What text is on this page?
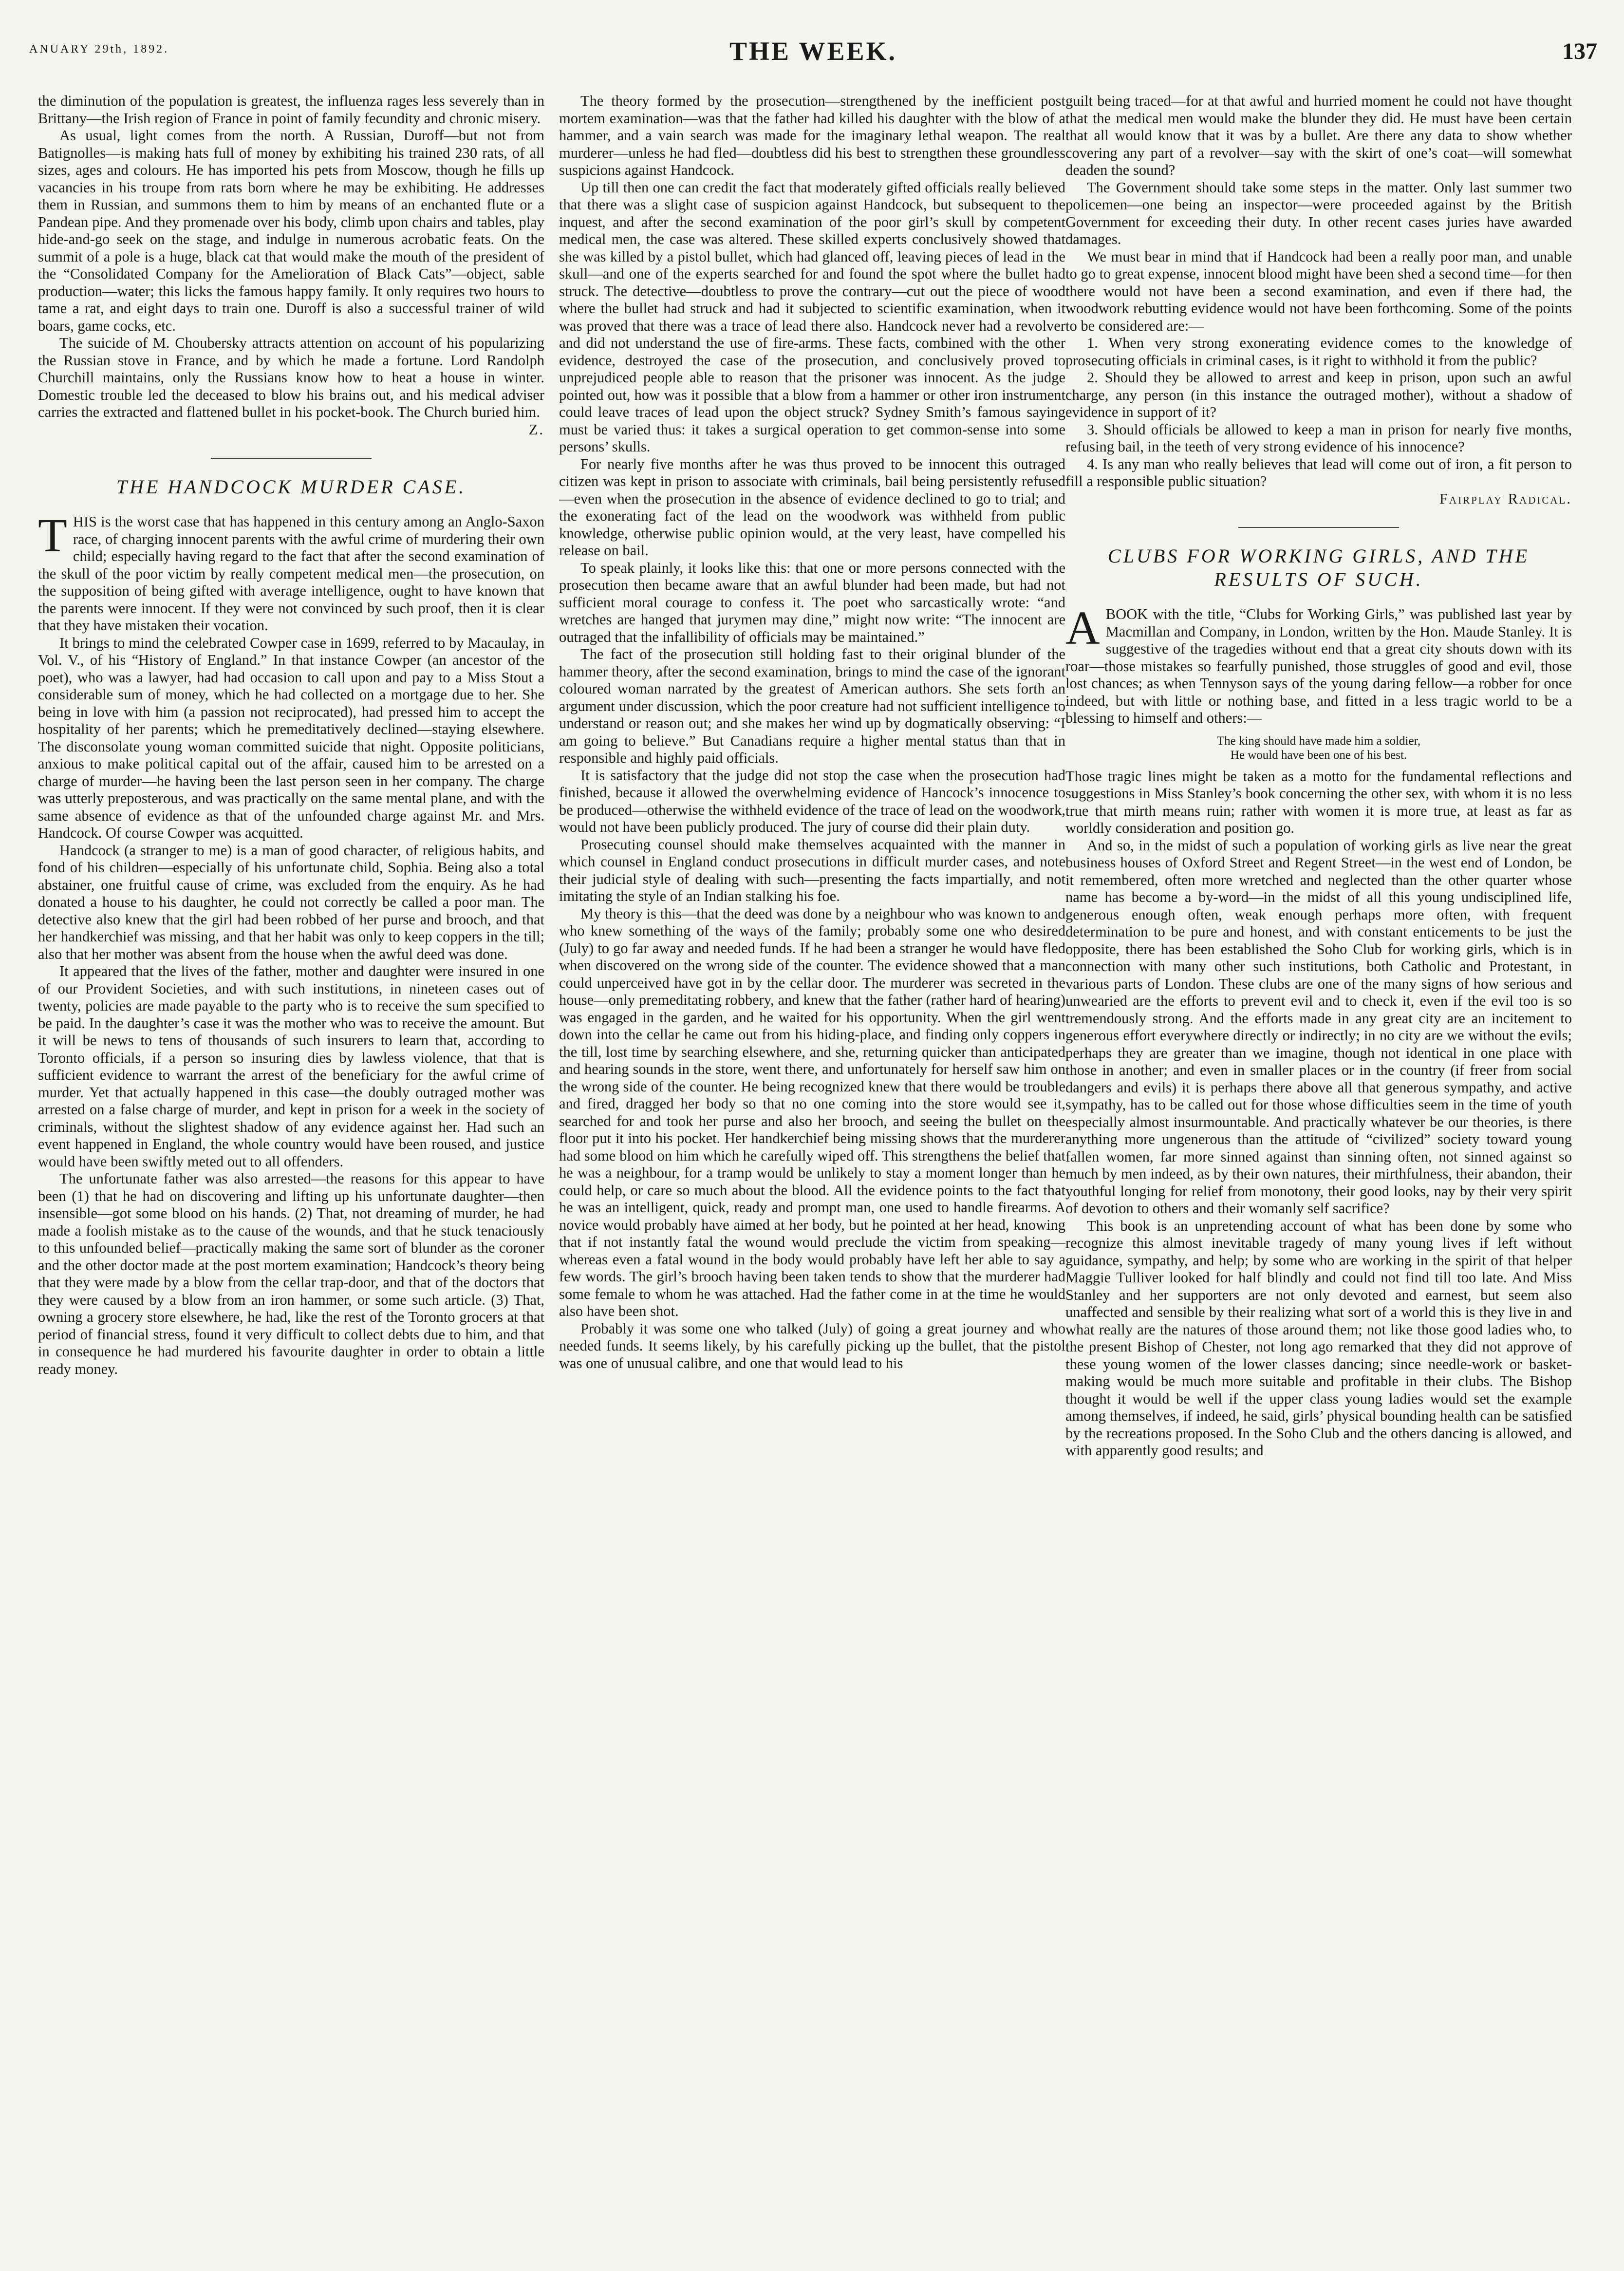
ANUARY 29th, 1892.	THE WEEK.	137

the diminution of the population is greatest, the influenza rages less severely than in Brittany—the Irish region of France in point of family fecundity and chronic misery.

As usual, light comes from the north. A Russian, Duroff—but not from Batignolles—is making hats full of money by exhibiting his trained 230 rats, of all sizes, ages and colours. He has imported his pets from Moscow, though he fills up vacancies in his troupe from rats born where he may be exhibiting. He addresses them in Russian, and summons them to him by means of an enchanted flute or a Pandean pipe. And they promenade over his body, climb upon chairs and tables, play hide-and-go seek on the stage, and indulge in numerous acrobatic feats. On the summit of a pole is a huge, black cat that would make the mouth of the president of the “Consolidated Company for the Amelioration of Black Cats”—object, sable production—water; this licks the famous happy family. It only requires two hours to tame a rat, and eight days to train one. Duroff is also a successful trainer of wild boars, game cocks, etc.

The suicide of M. Choubersky attracts attention on account of his popularizing the Russian stove in France, and by which he made a fortune. Lord Randolph Churchill maintains, only the Russians know how to heat a house in winter. Domestic trouble led the deceased to blow his brains out, and his medical adviser carries the extracted and flattened bullet in his pocket-book. The Church buried him.

Z.
THE HANDCOCK MURDER CASE.

THIS is the worst case that has happened in this century among an Anglo-Saxon race, of charging innocent parents with the awful crime of murdering their own child; especially having regard to the fact that after the second examination of the skull of the poor victim by really competent medical men—the prosecution, on the supposition of being gifted with average intelligence, ought to have known that the parents were innocent. If they were not convinced by such proof, then it is clear that they have mistaken their vocation.

It brings to mind the celebrated Cowper case in 1699, referred to by Macaulay, in Vol. V., of his “History of England.” In that instance Cowper (an ancestor of the poet), who was a lawyer, had had occasion to call upon and pay to a Miss Stout a considerable sum of money, which he had collected on a mortgage due to her. She being in love with him (a passion not reciprocated), had pressed him to accept the hospitality of her parents; which he premeditatively declined—staying elsewhere. The disconsolate young woman committed suicide that night. Opposite politicians, anxious to make political capital out of the affair, caused him to be arrested on a charge of murder—he having been the last person seen in her company. The charge was utterly preposterous, and was practically on the same mental plane, and with the same absence of evidence as that of the unfounded charge against Mr. and Mrs. Handcock. Of course Cowper was acquitted.

Handcock (a stranger to me) is a man of good character, of religious habits, and fond of his children—especially of his unfortunate child, Sophia. Being also a total abstainer, one fruitful cause of crime, was excluded from the enquiry. As he had donated a house to his daughter, he could not correctly be called a poor man. The detective also knew that the girl had been robbed of her purse and brooch, and that her handkerchief was missing, and that her habit was only to keep coppers in the till; also that her mother was absent from the house when the awful deed was done.

It appeared that the lives of the father, mother and daughter were insured in one of our Provident Societies, and with such institutions, in nineteen cases out of twenty, policies are made payable to the party who is to receive the sum specified to be paid. In the daughter’s case it was the mother who was to receive the amount. But it will be news to tens of thousands of such insurers to learn that, according to Toronto officials, if a person so insuring dies by lawless violence, that that is sufficient evidence to warrant the arrest of the beneficiary for the awful crime of murder. Yet that actually happened in this case—the doubly outraged mother was arrested on a false charge of murder, and kept in prison for a week in the society of criminals, without the slightest shadow of any evidence against her. Had such an event happened in England, the whole country would have been roused, and justice would have been swiftly meted out to all offenders.

The unfortunate father was also arrested—the reasons for this appear to have been (1) that he had on discovering and lifting up his unfortunate daughter—then insensible—got some blood on his hands. (2) That, not dreaming of murder, he had made a foolish mistake as to the cause of the wounds, and that he stuck tenaciously to this unfounded belief—practically making the same sort of blunder as the coroner and the other doctor made at the post mortem examination; Handcock’s theory being that they were made by a blow from the cellar trap-door, and that of the doctors that they were caused by a blow from an iron hammer, or some such article. (3) That, owning a grocery store elsewhere, he had, like the rest of the Toronto grocers at that period of financial stress, found it very difficult to collect debts due to him, and that in consequence he had murdered his favourite daughter in order to obtain a little ready money.

The theory formed by the prosecution—strengthened by the inefficient post mortem examination—was that the father had killed his daughter with the blow of a hammer, and a vain search was made for the imaginary lethal weapon. The real murderer—unless he had fled—doubtless did his best to strengthen these groundless suspicions against Handcock.

Up till then one can credit the fact that moderately gifted officials really believed that there was a slight case of suspicion against Handcock, but subsequent to the inquest, and after the second examination of the poor girl’s skull by competent medical men, the case was altered. These skilled experts conclusively showed that she was killed by a pistol bullet, which had glanced off, leaving pieces of lead in the skull—and one of the experts searched for and found the spot where the bullet had struck. The detective—doubtless to prove the contrary—cut out the piece of wood where the bullet had struck and had it subjected to scientific examination, when it was proved that there was a trace of lead there also. Handcock never had a revolver and did not understand the use of fire-arms. These facts, combined with the other evidence, destroyed the case of the prosecution, and conclusively proved to unprejudiced people able to reason that the prisoner was innocent. As the judge pointed out, how was it possible that a blow from a hammer or other iron instrument could leave traces of lead upon the object struck? Sydney Smith’s famous saying must be varied thus: it takes a surgical operation to get common-sense into some persons’ skulls.

For nearly five months after he was thus proved to be innocent this outraged citizen was kept in prison to associate with criminals, bail being persistently refused—even when the prosecution in the absence of evidence declined to go to trial; and the exonerating fact of the lead on the woodwork was withheld from public knowledge, otherwise public opinion would, at the very least, have compelled his release on bail.

To speak plainly, it looks like this: that one or more persons connected with the prosecution then became aware that an awful blunder had been made, but had not sufficient moral courage to confess it. The poet who sarcastically wrote: “and wretches are hanged that jurymen may dine,” might now write: “The innocent are outraged that the infallibility of officials may be maintained.”

The fact of the prosecution still holding fast to their original blunder of the hammer theory, after the second examination, brings to mind the case of the ignorant coloured woman narrated by the greatest of American authors. She sets forth an argument under discussion, which the poor creature had not sufficient intelligence to understand or reason out; and she makes her wind up by dogmatically observing: “I am going to believe.” But Canadians require a higher mental status than that in responsible and highly paid officials.

It is satisfactory that the judge did not stop the case when the prosecution had finished, because it allowed the overwhelming evidence of Hancock’s innocence to be produced—otherwise the withheld evidence of the trace of lead on the woodwork, would not have been publicly produced. The jury of course did their plain duty.

Prosecuting counsel should make themselves acquainted with the manner in which counsel in England conduct prosecutions in difficult murder cases, and note their judicial style of dealing with such—presenting the facts impartially, and not imitating the style of an Indian stalking his foe.

My theory is this—that the deed was done by a neighbour who was known to and who knew something of the ways of the family; probably some one who desired (July) to go far away and needed funds. If he had been a stranger he would have fled when discovered on the wrong side of the counter. The evidence showed that a man could unperceived have got in by the cellar door. The murderer was secreted in the house—only premeditating robbery, and knew that the father (rather hard of hearing) was engaged in the garden, and he waited for his opportunity. When the girl went down into the cellar he came out from his hiding-place, and finding only coppers in the till, lost time by searching elsewhere, and she, returning quicker than anticipated and hearing sounds in the store, went there, and unfortunately for herself saw him on the wrong side of the counter. He being recognized knew that there would be trouble and fired, dragged her body so that no one coming into the store would see it, searched for and took her purse and also her brooch, and seeing the bullet on the floor put it into his pocket. Her handkerchief being missing shows that the murderer had some blood on him which he carefully wiped off. This strengthens the belief that he was a neighbour, for a tramp would be unlikely to stay a moment longer than he could help, or care so much about the blood. All the evidence points to the fact that he was an intelligent, quick, ready and prompt man, one used to handle firearms. A novice would probably have aimed at her body, but he pointed at her head, knowing that if not instantly fatal the wound would preclude the victim from speaking—whereas even a fatal wound in the body would probably have left her able to say a few words. The girl’s brooch having been taken tends to show that the murderer had some female to whom he was attached. Had the father come in at the time he would also have been shot.

Probably it was some one who talked (July) of going a great journey and who needed funds. It seems likely, by his carefully picking up the bullet, that the pistol was one of unusual calibre, and one that would lead to his

guilt being traced—for at that awful and hurried moment he could not have thought that the medical men would make the blunder they did. He must have been certain that all would know that it was by a bullet. Are there any data to show whether covering any part of a revolver—say with the skirt of one’s coat—will somewhat deaden the sound?

The Government should take some steps in the matter. Only last summer two policemen—one being an inspector—were proceeded against by the British Government for exceeding their duty. In other recent cases juries have awarded damages.

We must bear in mind that if Handcock had been a really poor man, and unable to go to great expense, innocent blood might have been shed a second time—for then there would not have been a second examination, and even if there had, the woodwork rebutting evidence would not have been forthcoming. Some of the points to be considered are:—

1. When very strong exonerating evidence comes to the knowledge of prosecuting officials in criminal cases, is it right to withhold it from the public?

2. Should they be allowed to arrest and keep in prison, upon such an awful charge, any person (in this instance the outraged mother), without a shadow of evidence in support of it?

3. Should officials be allowed to keep a man in prison for nearly five months, refusing bail, in the teeth of very strong evidence of his innocence?

4. Is any man who really believes that lead will come out of iron, a fit person to fill a responsible public situation?

Fairplay Radical.
CLUBS FOR WORKING GIRLS, AND THE RESULTS OF SUCH.

ABOOK with the title, “Clubs for Working Girls,” was published last year by Macmillan and Company, in London, written by the Hon. Maude Stanley. It is suggestive of the tragedies without end that a great city shouts down with its roar—those mistakes so fearfully punished, those struggles of good and evil, those lost chances; as when Tennyson says of the young daring fellow—a robber for once indeed, but with little or nothing base, and fitted in a less tragic world to be a blessing to himself and others:—

The king should have made him a soldier,
He would have been one of his best.

Those tragic lines might be taken as a motto for the fundamental reflections and suggestions in Miss Stanley’s book concerning the other sex, with whom it is no less true that mirth means ruin; rather with women it is more true, at least as far as worldly consideration and position go.

And so, in the midst of such a population of working girls as live near the great business houses of Oxford Street and Regent Street—in the west end of London, be it remembered, often more wretched and neglected than the other quarter whose name has become a by-word—in the midst of all this young undisciplined life, generous enough often, weak enough perhaps more often, with frequent determination to be pure and honest, and with constant enticements to be just the opposite, there has been established the Soho Club for working girls, which is in connection with many other such institutions, both Catholic and Protestant, in various parts of London. These clubs are one of the many signs of how serious and unwearied are the efforts to prevent evil and to check it, even if the evil too is so tremendously strong. And the efforts made in any great city are an incitement to generous effort everywhere directly or indirectly; in no city are we without the evils; perhaps they are greater than we imagine, though not identical in one place with those in another; and even in smaller places or in the country (if freer from social dangers and evils) it is perhaps there above all that generous sympathy, and active sympathy, has to be called out for those whose difficulties seem in the time of youth especially almost insurmountable. And practically whatever be our theories, is there anything more ungenerous than the attitude of “civilized” society toward young fallen women, far more sinned against than sinning often, not sinned against so much by men indeed, as by their own natures, their mirthfulness, their abandon, their youthful longing for relief from monotony, their good looks, nay by their very spirit of devotion to others and their womanly self sacrifice?

This book is an unpretending account of what has been done by some who recognize this almost inevitable tragedy of many young lives if left without guidance, sympathy, and help; by some who are working in the spirit of that helper Maggie Tulliver looked for half blindly and could not find till too late. And Miss Stanley and her supporters are not only devoted and earnest, but seem also unaffected and sensible by their realizing what sort of a world this is they live in and what really are the natures of those around them; not like those good ladies who, to the present Bishop of Chester, not long ago remarked that they did not approve of these young women of the lower classes dancing; since needle-work or basket-making would be much more suitable and profitable in their clubs. The Bishop thought it would be well if the upper class young ladies would set the example among themselves, if indeed, he said, girls’ physical bounding health can be satisfied by the recreations proposed. In the Soho Club and the others dancing is allowed, and with apparently good results; and
